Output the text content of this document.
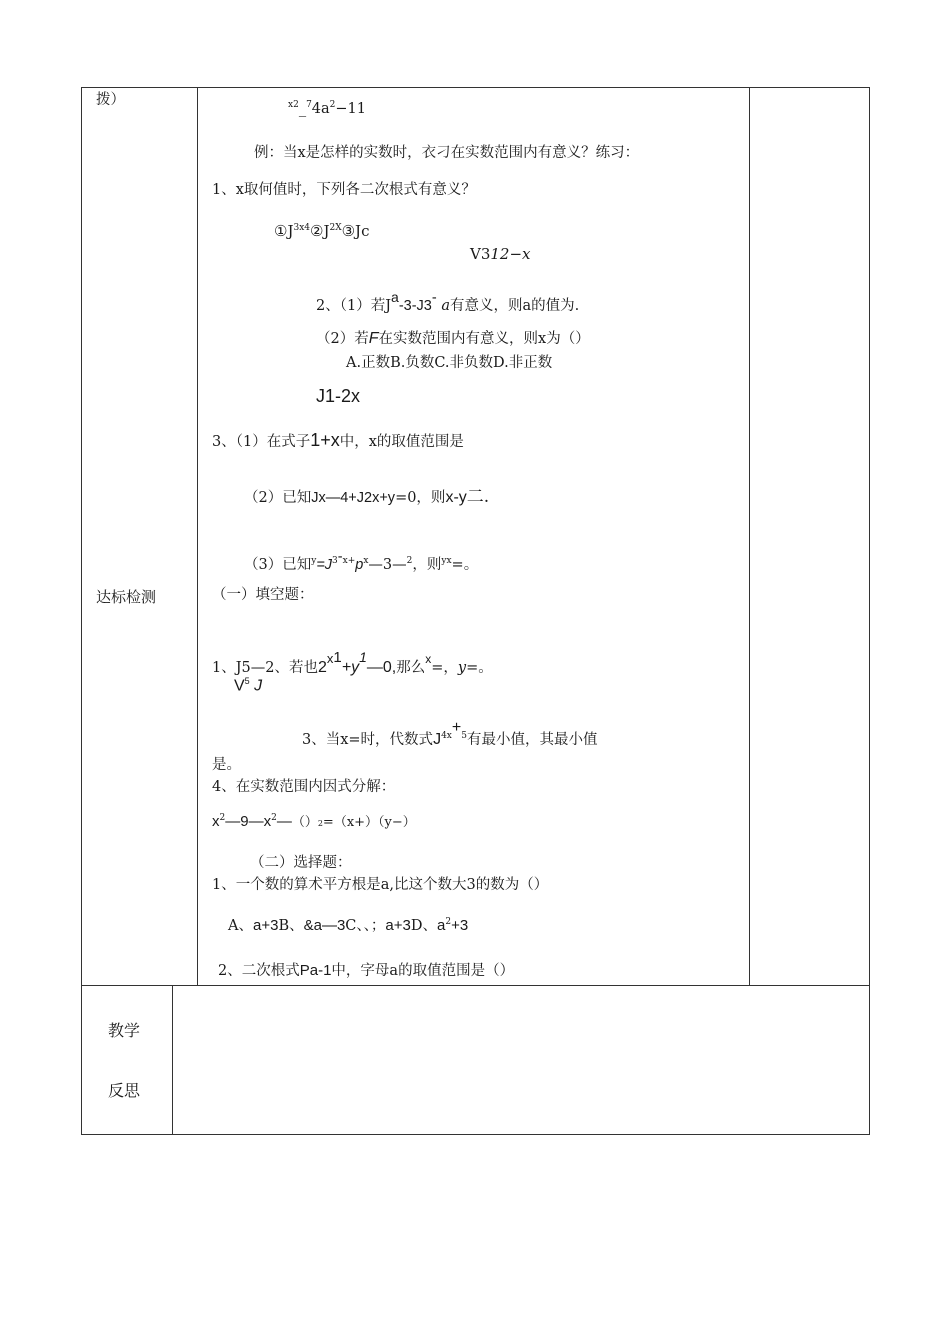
拨）
达标检测
教学
反思
$^{x2}\_^74a^2-11$
例：当x是怎样的实数时，衣刁在实数范围内有意义？练习：
1、x取何值时，下列各二次根式有意义？
$①J^{3x4}②J^{2X}③Jc$
V312−x
2、（1）若Ja-3-J3- a有意义，则a的值为.
（2）若F在实数范围内有意义，则x为（）
A.正数B.负数C.非负数D.非正数
J1-2x
3、（1）在式子1+x中，x的取值范围是
（2）已知Jx—4+J2x+y=0，则x-y二.
（3）已知$^y=J^3-^{x+}p^x—3—^2$，则$^{yx}$=。
（一）填空题：
1、J5—2、若也2x1+y1—0,那么$^x$=，y=。
$V^5$ J
3、当x=时，代数式$J^{4x}+^5$有最小值，其最小值
是。
4、在实数范围内因式分解：
$x^2—9—x^2—()2=(x+)(y-)$
（二）选择题：
1、一个数的算术平方根是a,比这个数大3的数为（）
A、a+3B、&a—3C、、；a+3D、$a^2+3$
2、二次根式Pa-1中，字母a的取值范围是（）
